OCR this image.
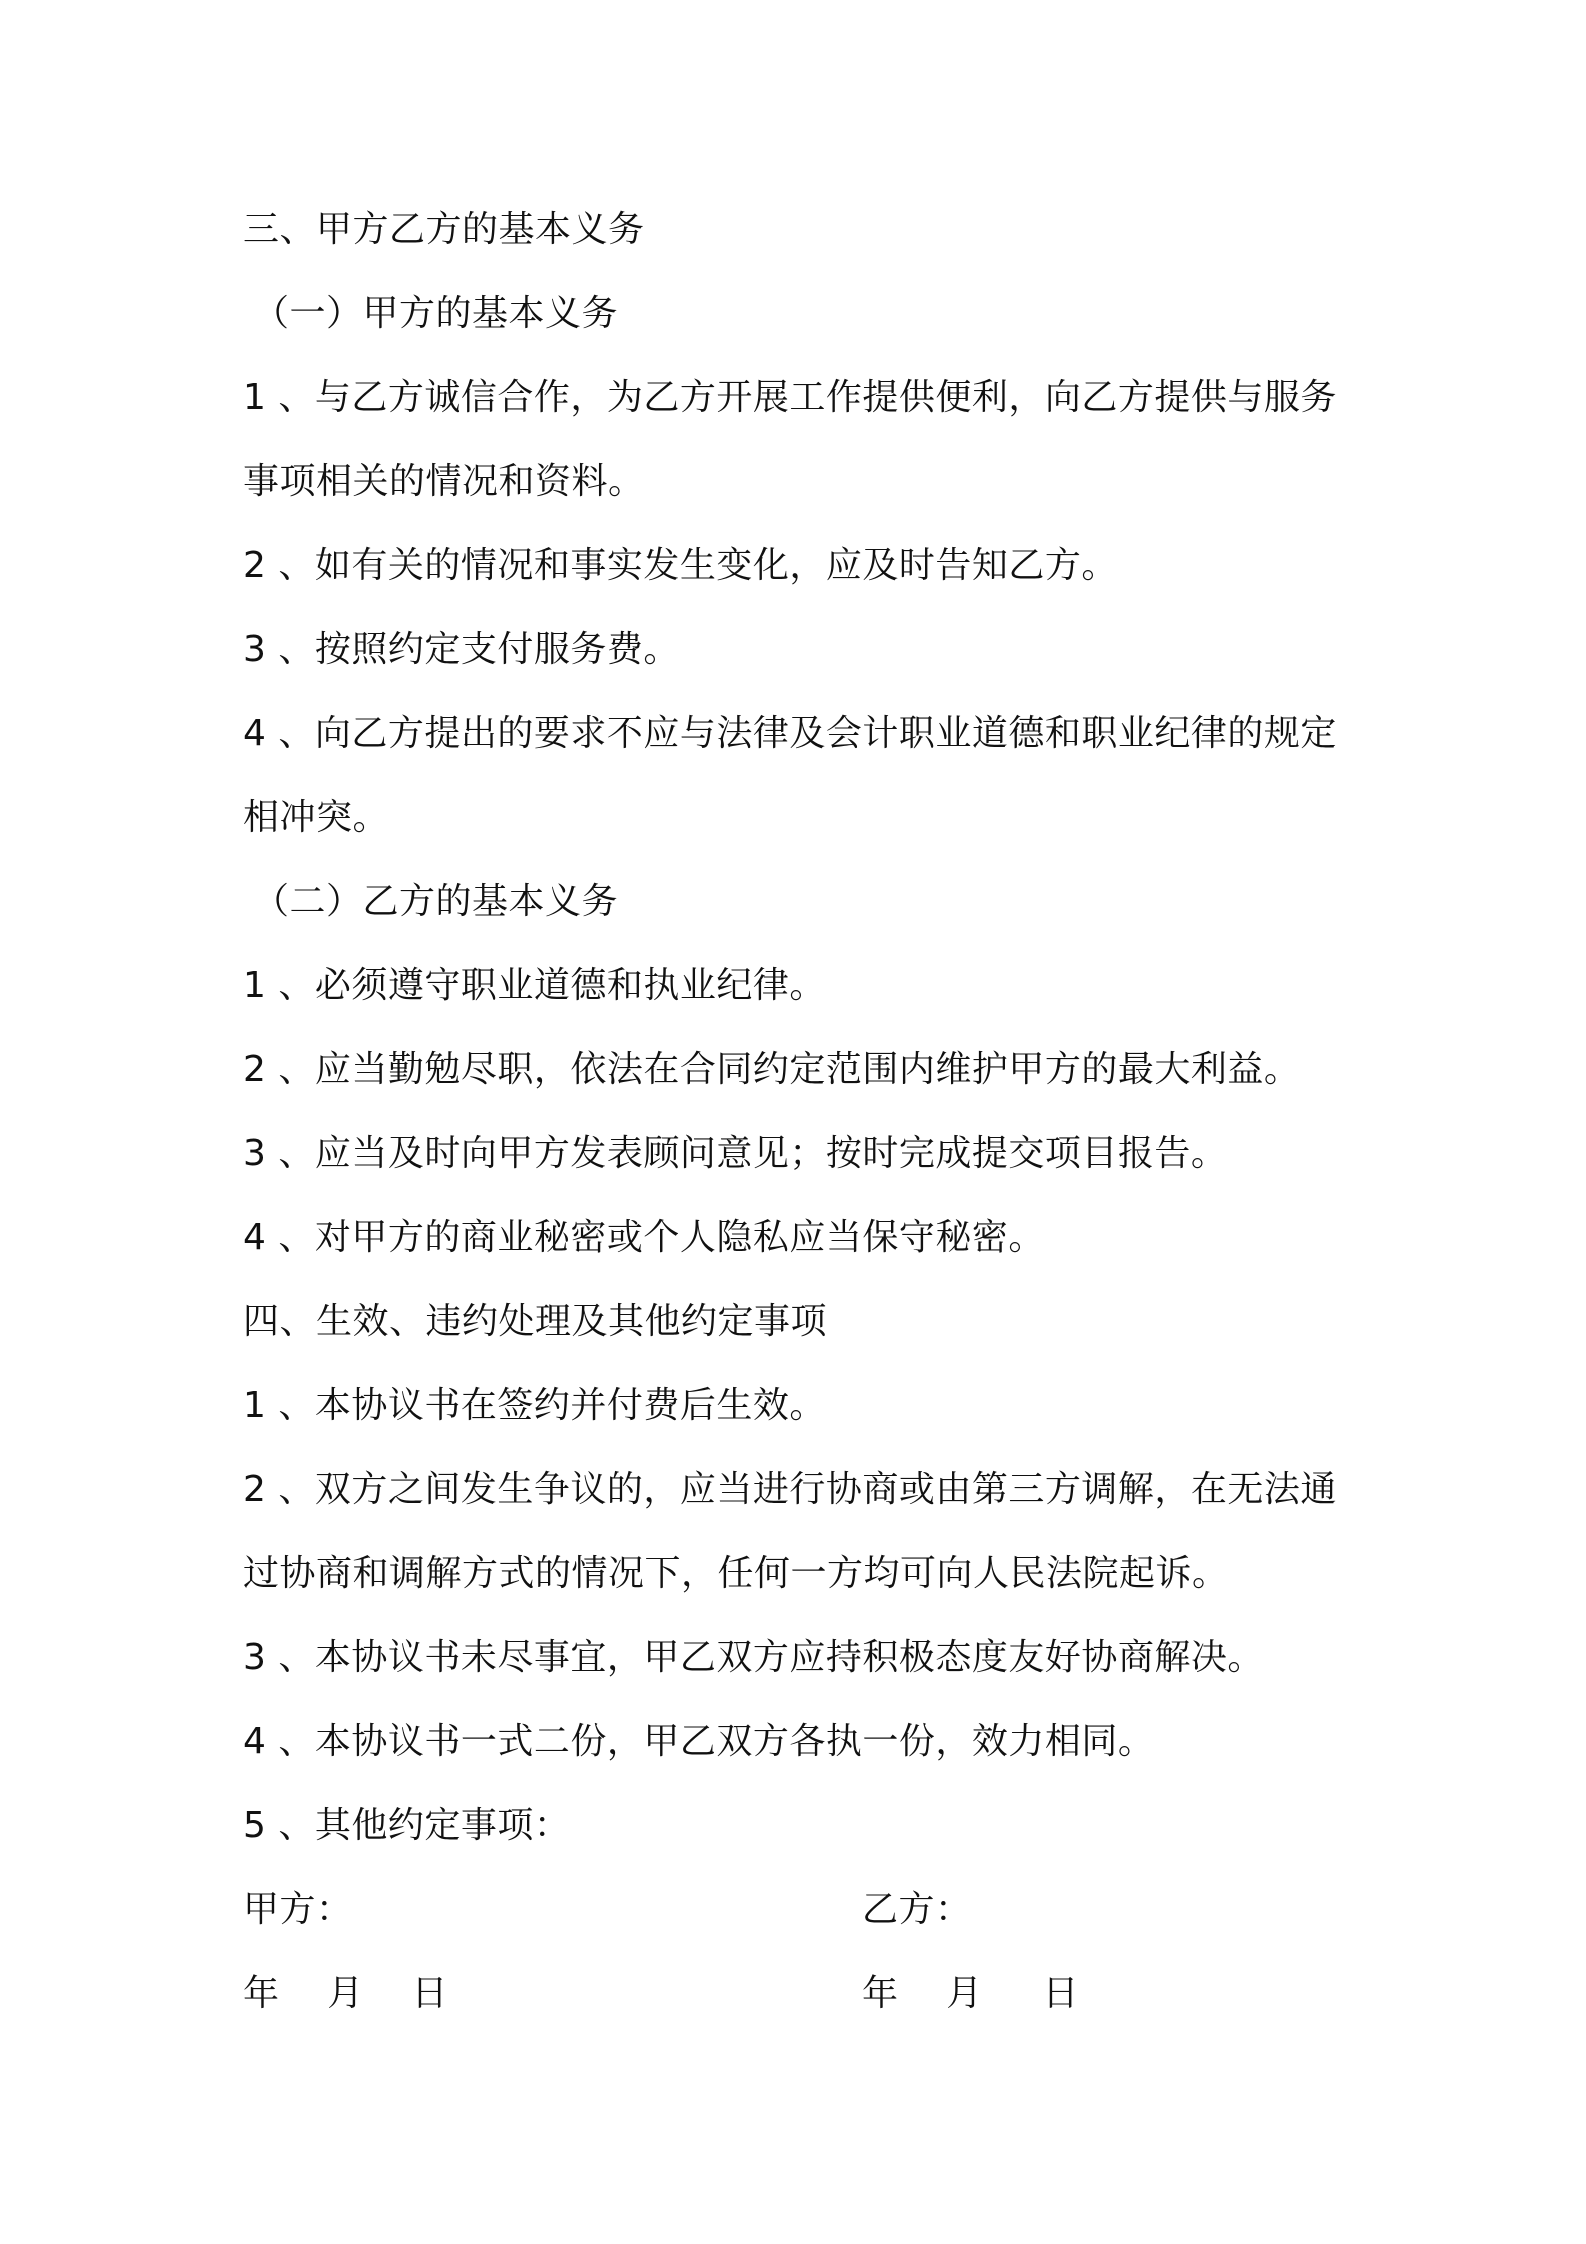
三、甲方乙方的基本义务
（一）甲方的基本义务
1 、与乙方诚信合作，为乙方开展工作提供便利，向乙方提供与服务
事项相关的情况和资料。
2 、如有关的情况和事实发生变化，应及时告知乙方。
3 、按照约定支付服务费。
4 、向乙方提出的要求不应与法律及会计职业道德和职业纪律的规定
相冲突。
（二）乙方的基本义务
1 、必须遵守职业道德和执业纪律。
2 、应当勤勉尽职，依法在合同约定范围内维护甲方的最大利益。
3 、应当及时向甲方发表顾问意见；按时完成提交项目报告。
4 、对甲方的商业秘密或个人隐私应当保守秘密。
四、生效、违约处理及其他约定事项
1 、本协议书在签约并付费后生效。
2 、双方之间发生争议的，应当进行协商或由第三方调解，在无法通
过协商和调解方式的情况下，任何一方均可向人民法院起诉。
3 、本协议书未尽事宜，甲乙双方应持积极态度友好协商解决。
4 、本协议书一式二份，甲乙双方各执一份，效力相同。
5 、其他约定事项：
甲方：	乙方：
年    月    日	年    月     日
